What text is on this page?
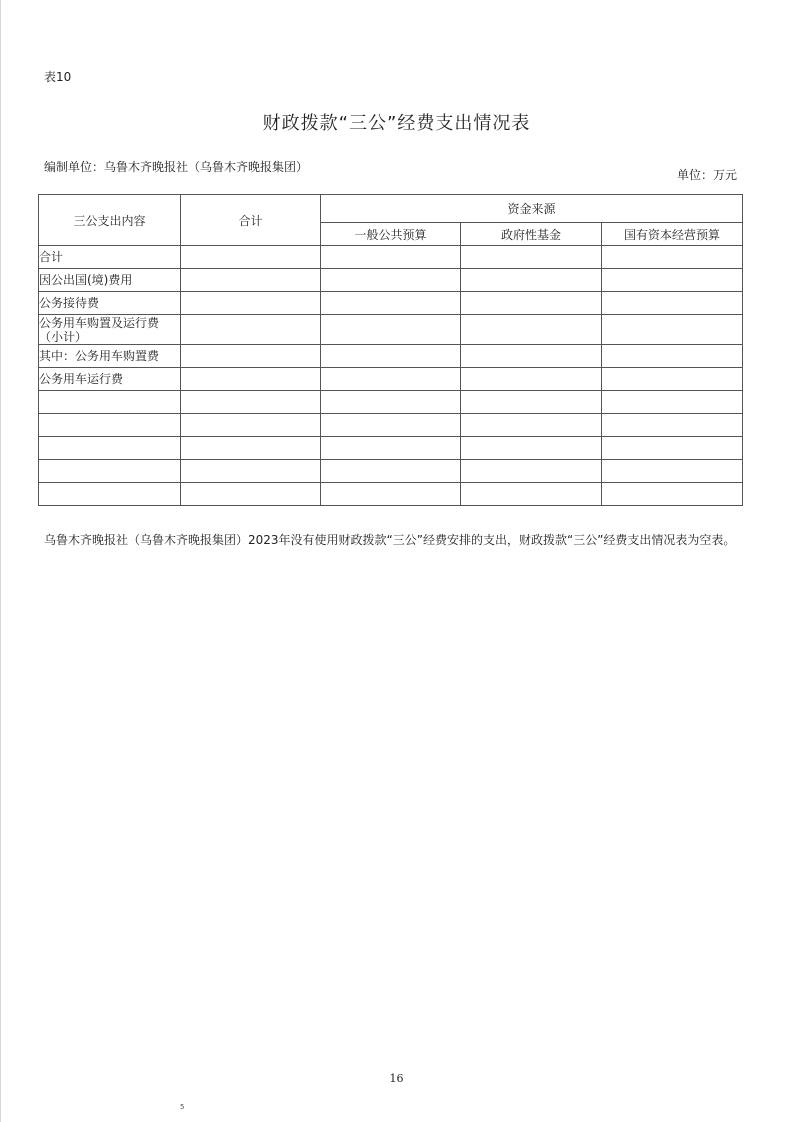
表10
财政拨款“三公”经费支出情况表
编制单位：乌鲁木齐晚报社（乌鲁木齐晚报集团）
单位：万元
三公支出内容	合计	资金来源		
		一般公共预算	政府性基金	国有资本经营预算
合计				
因公出国(境)费用				
公务接待费				
公务用车购置及运行费（小计）				
其中：公务用车购置费				
公务用车运行费				

乌鲁木齐晚报社（乌鲁木齐晚报集团）2023年没有使用财政拨款“三公”经费安排的支出，财政拨款“三公”经费支出情况表为空表。
16
5
